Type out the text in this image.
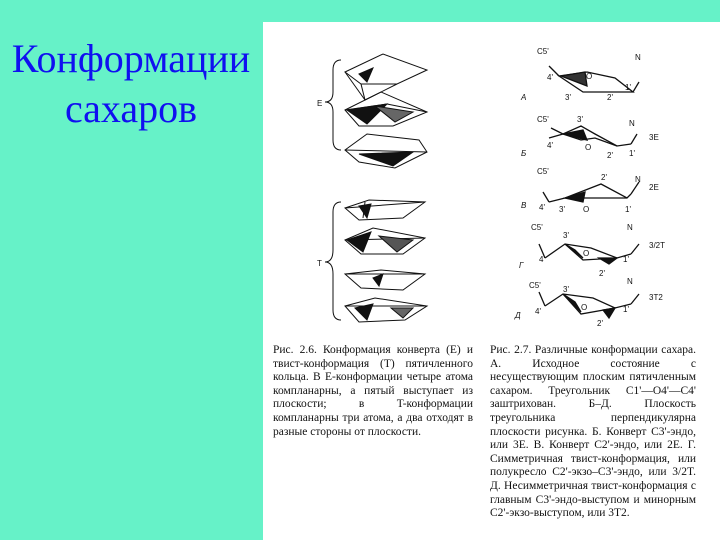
Конформации
сахаров	E
T
C5'
O
N
4'
3'	2'
1'
А
C5'	3'	N
4'	O
2' 1'
Б
3E
C5'
2'	N
4' 3' O	1'
В
2E
C5'
3'
N
4'
O
2'
1'
Г
3/2T
C5'	3'
N
4'	O
2'
1'
Д
3T2
Рис. 2.6. Конформация конверта (E) и твист-конформация (T) пятичленного кольца. В E-конформации четыре атома компланарны, а пятый выступает из плоскости; в T-конформации компланарны три атома, а два отходят в разные стороны от плоскости.
Рис. 2.7. Различные конформации сахара. А. Исходное состояние с несуществующим плоским пятичленным сахаром. Треугольник C1'—O4'—C4' заштрихован. Б–Д. Плоскость треугольника перпендикулярна плоскости рисунка. Б. Конверт C3'-эндо, или 3E. В. Конверт C2'-эндо, или 2E. Г. Симметричная твист-конформация, или полукресло C2'-экзо–C3'-эндо, или 3/2T. Д. Несимметричная твист-конформация с главным C3'-эндо-выступом и минорным C2'-экзо-выступом, или 3T2.
